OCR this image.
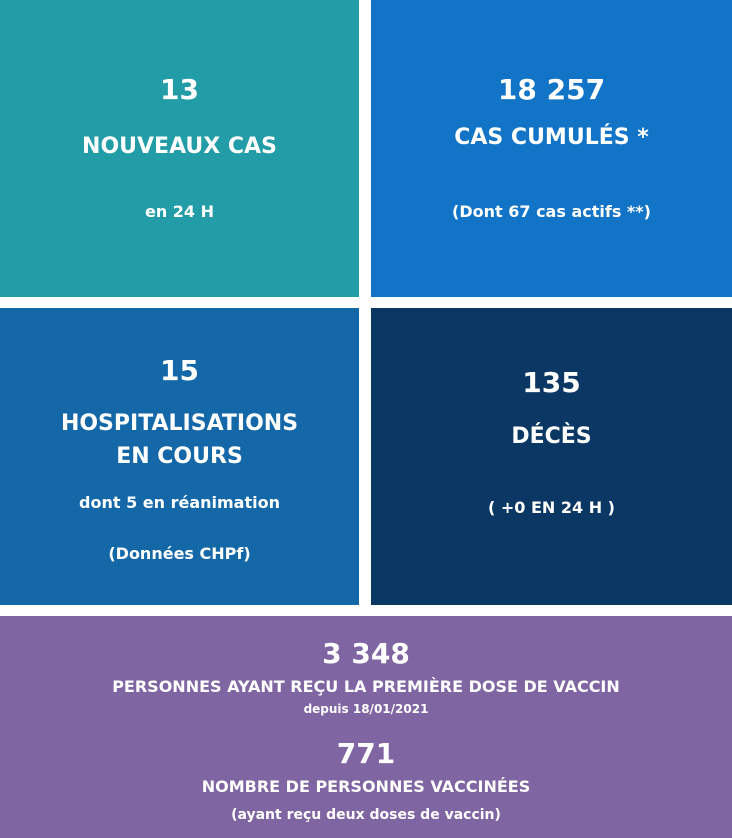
13
NOUVEAUX CAS
en 24 H
18 257
CAS CUMULÉS *
(Dont 67 cas actifs **)
15
HOSPITALISATIONS
EN COURS
dont 5 en réanimation
(Données CHPf)
135
DÉCÈS
( +0 EN 24 H )
3 348
PERSONNES AYANT REÇU LA PREMIÈRE DOSE DE VACCIN
depuis 18/01/2021
771
NOMBRE DE PERSONNES VACCINÉES
(ayant reçu deux doses de vaccin)
